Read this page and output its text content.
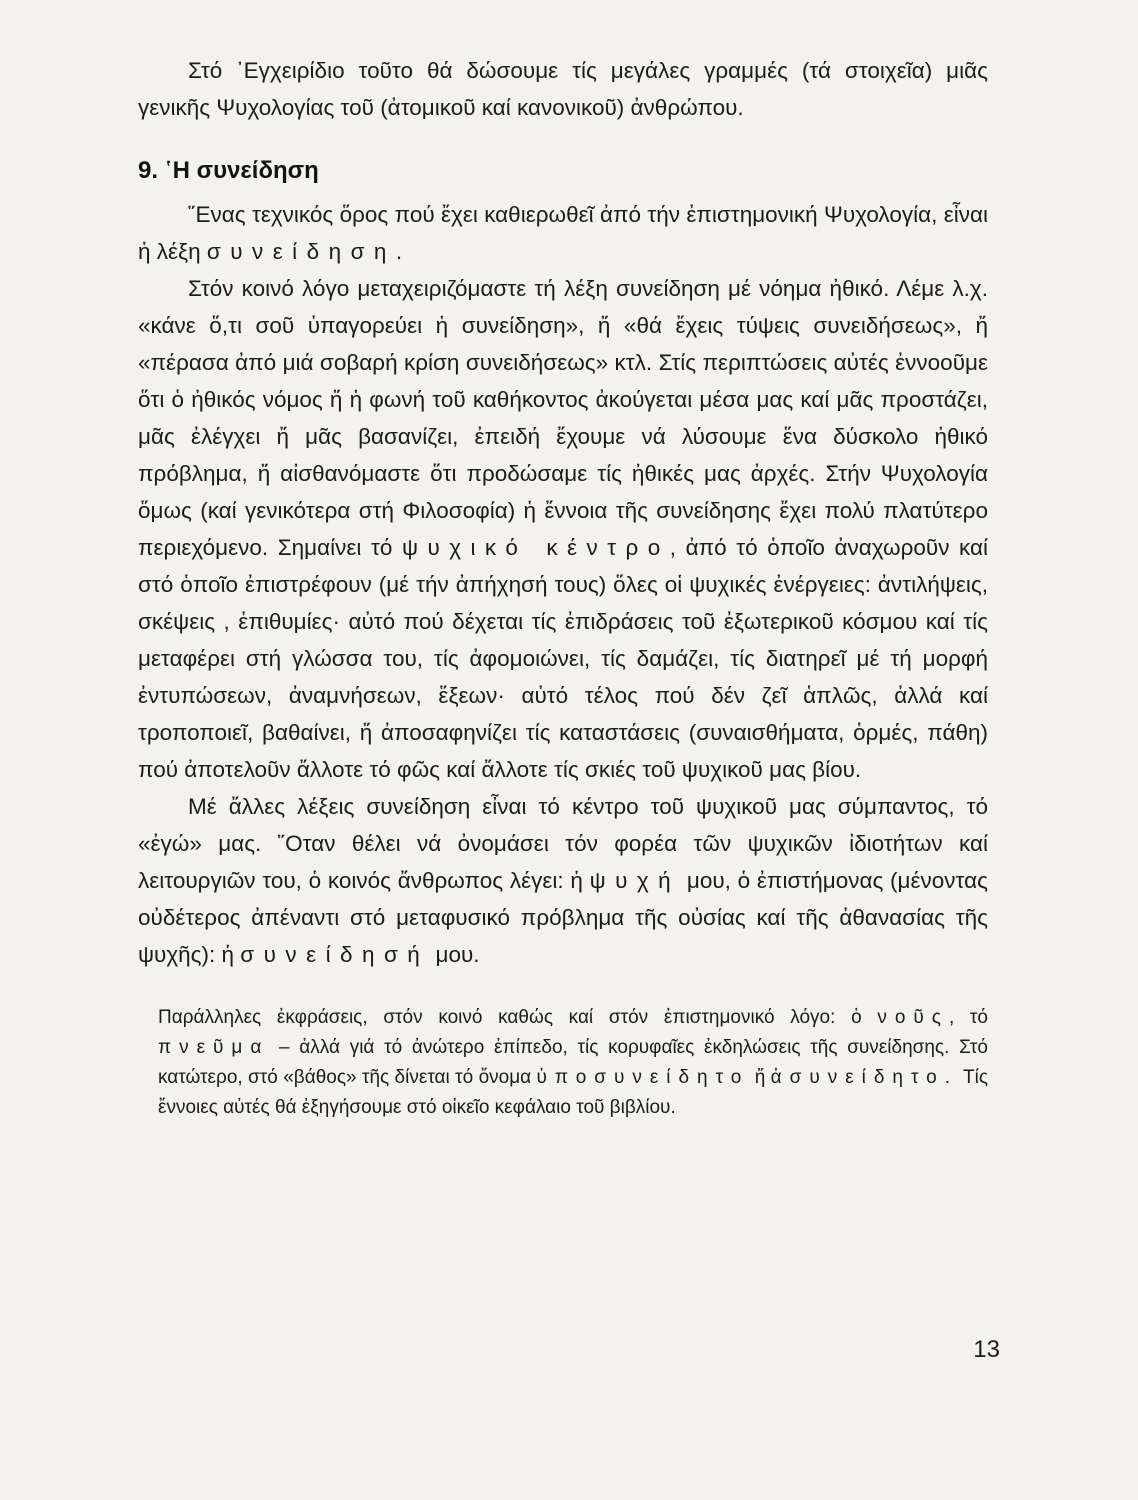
Στό ᾽Εγχειρίδιο τοῦτο θά δώσουμε τίς μεγάλες γραμμές (τά στοιχεῖα) μιᾶς γενικῆς Ψυχολογίας τοῦ (ἀτομικοῦ καί κανονικοῦ) ἀνθρώπου.

9. ῾Η συνείδηση

῞Ενας τεχνικός ὅρος πού ἔχει καθιερωθεῖ ἀπό τήν ἐπιστημονική Ψυχολογία, εἶναι ἡ λέξη συνείδηση.

Στόν κοινό λόγο μεταχειριζόμαστε τή λέξη συνείδηση μέ νόημα ἠθικό. Λέμε λ.χ. «κάνε ὅ,τι σοῦ ὑπαγορεύει ἡ συνείδηση», ἤ «θά ἔχεις τύψεις συνειδήσεως», ἤ «πέρασα ἀπό μιά σοβαρή κρίση συνειδήσεως» κτλ. Στίς περιπτώσεις αὐτές ἐννοοῦμε ὅτι ὁ ἠθικός νόμος ἤ ἡ φωνή τοῦ καθήκοντος ἀκούγεται μέσα μας καί μᾶς προστάζει, μᾶς ἐλέγχει ἤ μᾶς βασανίζει, ἐπειδή ἔχουμε νά λύσουμε ἕνα δύσκολο ἠθικό πρόβλημα, ἤ αἰσθανόμαστε ὅτι προδώσαμε τίς ἠθικές μας ἀρχές. Στήν Ψυχολογία ὅμως (καί γενικότερα στή Φιλοσοφία) ἡ ἔννοια τῆς συνείδησης ἔχει πολύ πλατύτερο περιεχόμενο. Σημαίνει τό ψυχικό κέντρο, ἀπό τό ὁποῖο ἀναχωροῦν καί στό ὁποῖο ἐπιστρέφουν (μέ τήν ἀπήχησή τους) ὅλες οἱ ψυχικές ἐνέργειες: ἀντιλήψεις, σκέψεις , ἐπιθυμίες· αὐτό πού δέχεται τίς ἐπιδράσεις τοῦ ἐξωτερικοῦ κόσμου καί τίς μεταφέρει στή γλώσσα του, τίς ἀφομοιώνει, τίς δαμάζει, τίς διατηρεῖ μέ τή μορφή ἐντυπώσεων, ἀναμνήσεων, ἕξεων· αὐτό τέλος πού δέν ζεῖ ἁπλῶς, ἀλλά καί τροποποιεῖ, βαθαίνει, ἤ ἀποσαφηνίζει τίς καταστάσεις (συναισθήματα, ὁρμές, πάθη) πού ἀποτελοῦν ἄλλοτε τό φῶς καί ἄλλοτε τίς σκιές τοῦ ψυχικοῦ μας βίου.

Μέ ἄλλες λέξεις συνείδηση εἶναι τό κέντρο τοῦ ψυχικοῦ μας σύμπαντος, τό «ἐγώ» μας. ῞Οταν θέλει νά ὀνομάσει τόν φορέα τῶν ψυχικῶν ἰδιοτήτων καί λειτουργιῶν του, ὁ κοινός ἄνθρωπος λέγει: ἡ ψυχή μου, ὁ ἐπιστήμονας (μένοντας οὐδέτερος ἀπέναντι στό μεταφυσικό πρόβλημα τῆς οὐσίας καί τῆς ἀθανασίας τῆς ψυχῆς): ἡ συνείδησή μου.

Παράλληλες ἐκφράσεις, στόν κοινό καθώς καί στόν ἐπιστημονικό λόγο: ὁ νοῦς, τό πνεῦμα – ἀλλά γιά τό ἀνώτερο ἐπίπεδο, τίς κορυφαῖες ἐκδηλώσεις τῆς συνείδησης. Στό κατώτερο, στό «βάθος» τῆς δίνεται τό ὄνομα ὑποσυνείδητο ἤ ἀσυνείδητο. Τίς ἔννοιες αὐτές θά ἐξηγήσουμε στό οἰκεῖο κεφάλαιο τοῦ βιβλίου.

13
